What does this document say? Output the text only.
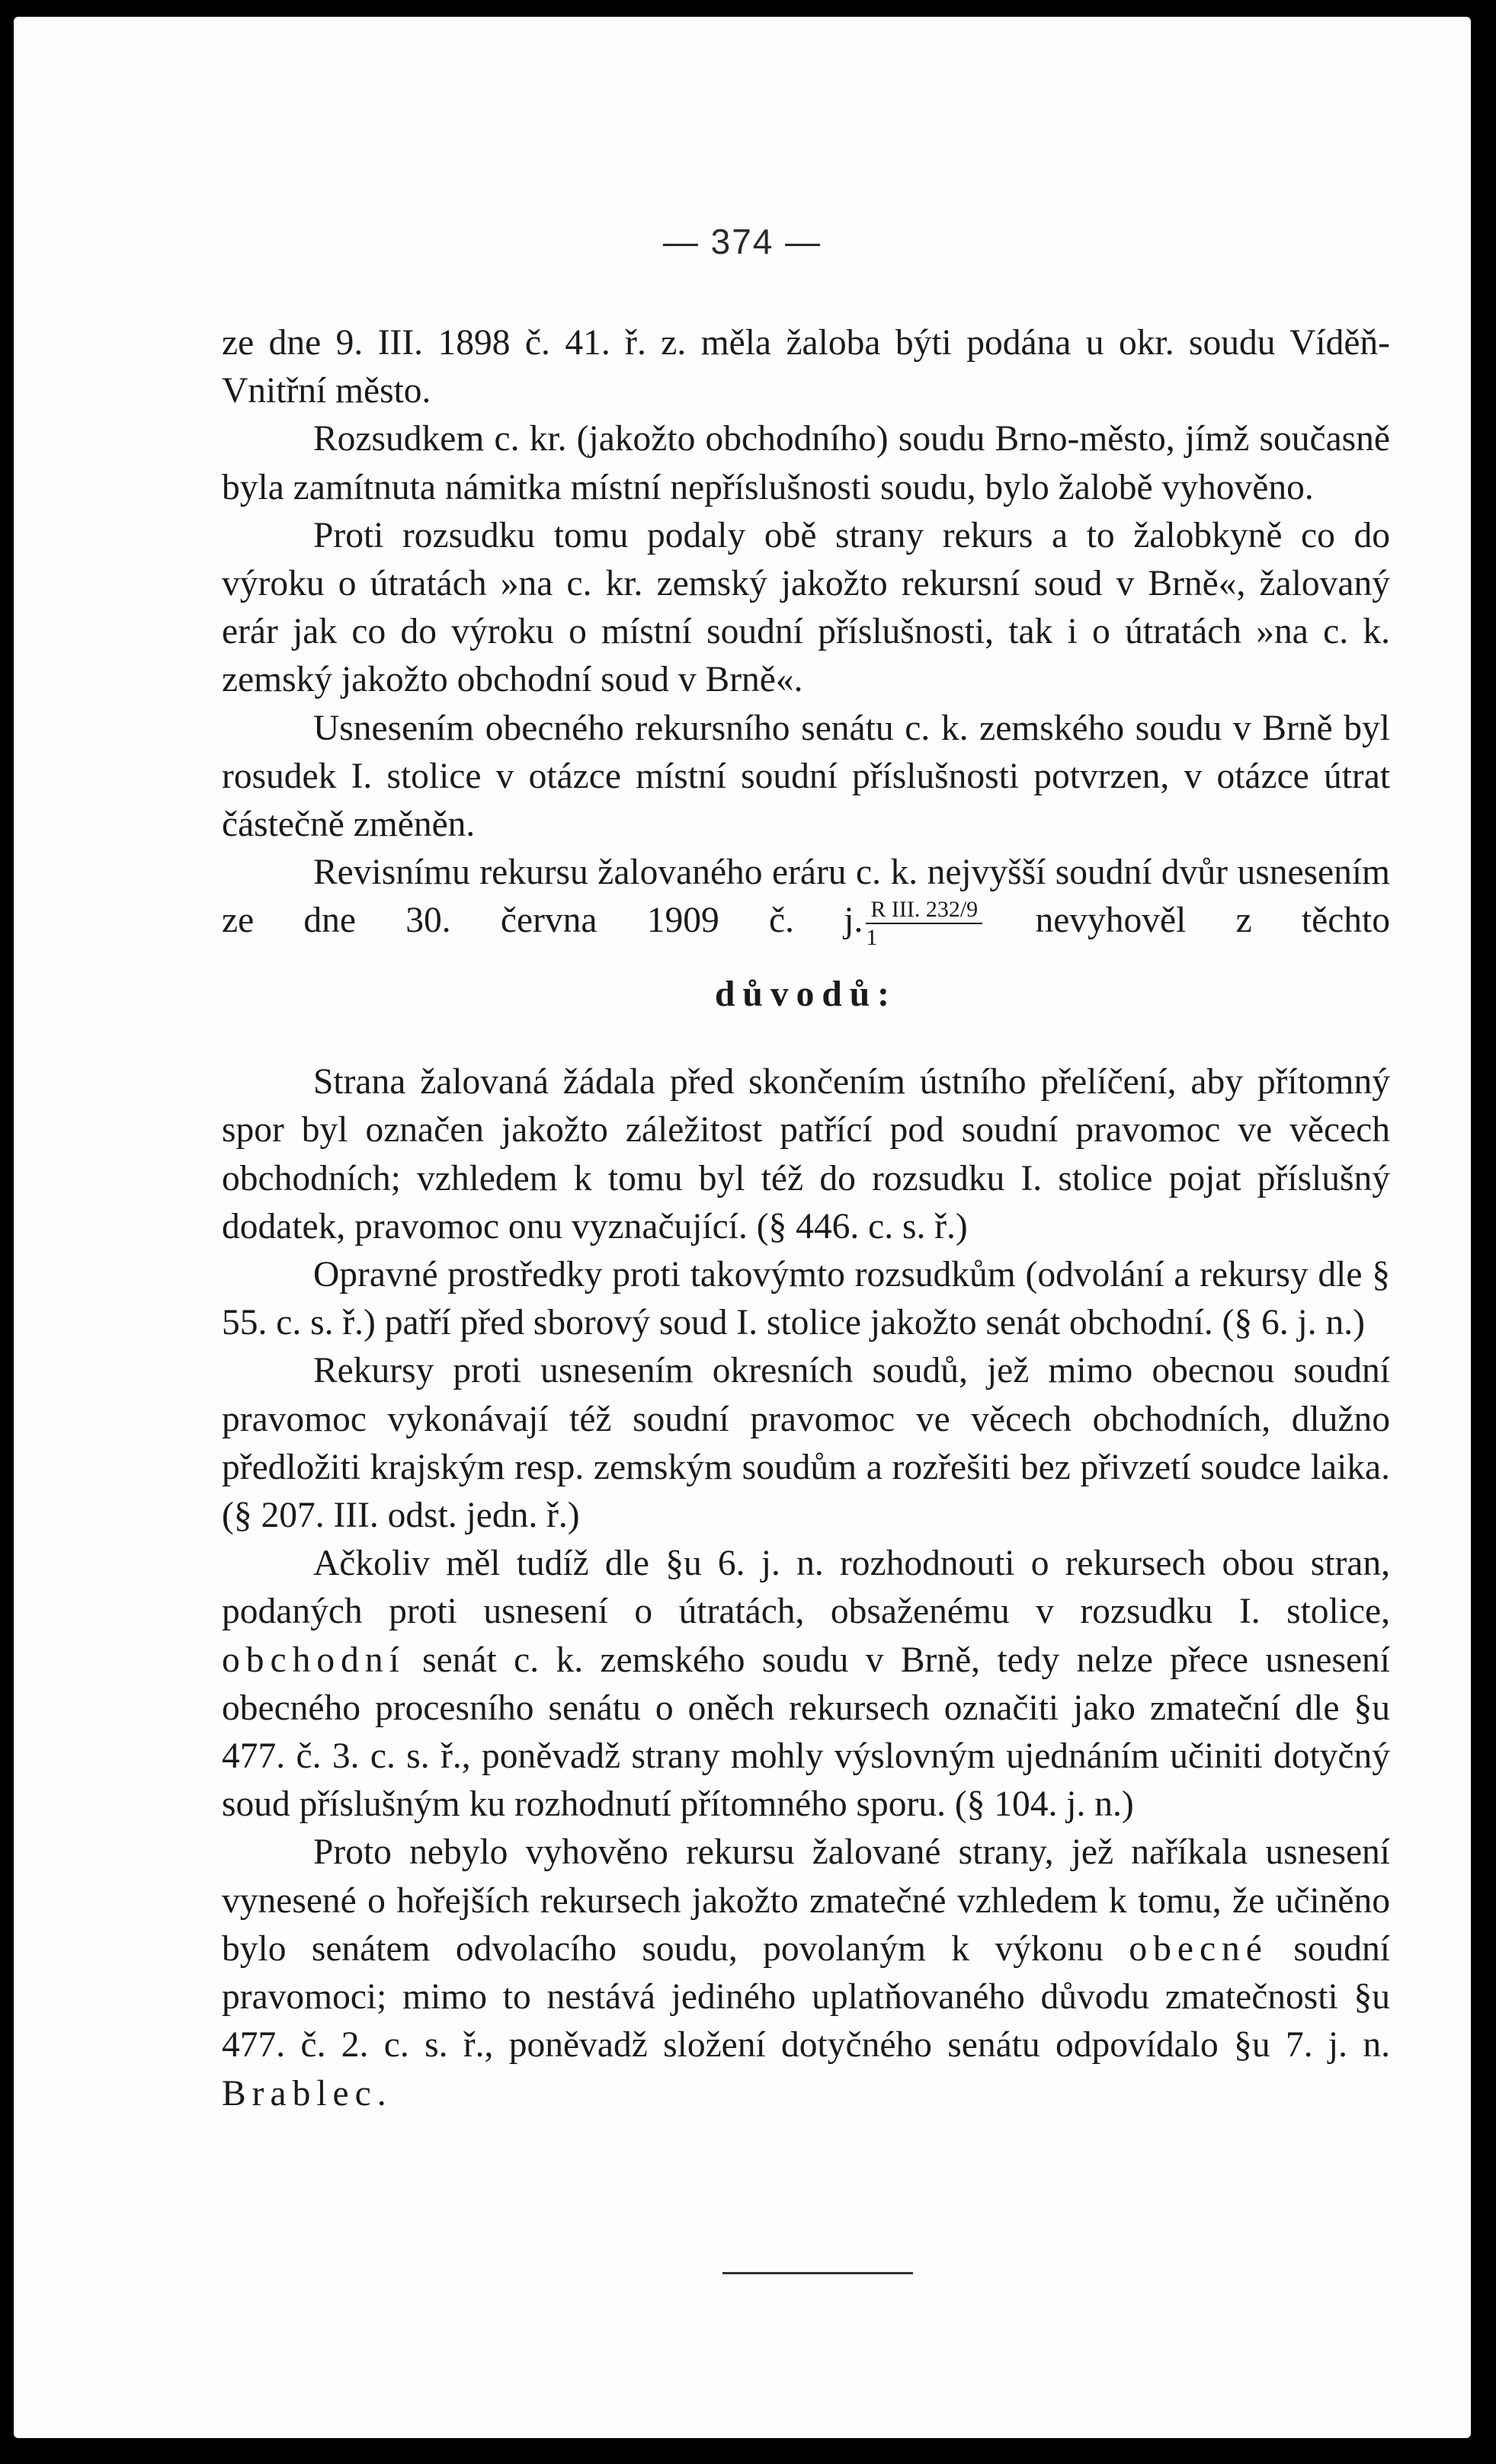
— 374 —

ze dne 9. III. 1898 č. 41. ř. z. měla žaloba býti podána u okr. soudu Víděň-Vnitřní město.

Rozsudkem c. kr. (jakožto obchodního) soudu Brno-město, jímž současně byla zamítnuta námitka místní nepříslušnosti soudu, bylo žalobě vyhověno.

Proti rozsudku tomu podaly obě strany rekurs a to žalobkyně co do výroku o útratách »na c. kr. zemský jakožto rekursní soud v Brně«, žalovaný erár jak co do výroku o místní soudní příslušnosti, tak i o útratách »na c. k. zemský jakožto obchodní soud v Brně«.

Usnesením obecného rekursního senátu c. k. zemského soudu v Brně byl rosudek I. stolice v otázce místní soudní příslušnosti potvrzen, v otázce útrat částečně změněn.

Revisnímu rekursu žalovaného eráru c. k. nejvyšší soudní dvůr usnesením ze dne 30. června 1909 č. j. $\frac{\text{R III. 232/9}}{1}$ nevyhověl z těchto

důvodů:

Strana žalovaná žádala před skončením ústního přelíčení, aby přítomný spor byl označen jakožto záležitost patřící pod soudní pravomoc ve věcech obchodních; vzhledem k tomu byl též do rozsudku I. stolice pojat příslušný dodatek, pravomoc onu vyznačující. (§ 446. c. s. ř.)

Opravné prostředky proti takovýmto rozsudkům (odvolání a rekursy dle § 55. c. s. ř.) patří před sborový soud I. stolice jakožto senát obchodní. (§ 6. j. n.)

Rekursy proti usnesením okresních soudů, jež mimo obecnou soudní pravomoc vykonávají též soudní pravomoc ve věcech obchodních, dlužno předložiti krajským resp. zemským soudům a rozřešiti bez přivzetí soudce laika. (§ 207. III. odst. jedn. ř.)

Ačkoliv měl tudíž dle §u 6. j. n. rozhodnouti o rekursech obou stran, podaných proti usnesení o útratách, obsaženému v rozsudku I. stolice, obchodní senát c. k. zemského soudu v Brně, tedy nelze přece usnesení obecného procesního senátu o oněch rekursech označiti jako zmateční dle §u 477. č. 3. c. s. ř., poněvadž strany mohly výslovným ujednáním učiniti dotyčný soud příslušným ku rozhodnutí přítomného sporu. (§ 104. j. n.)

Proto nebylo vyhověno rekursu žalované strany, jež naříkala usnesení vynesené o hořejších rekursech jakožto zmatečné vzhledem k tomu, že učiněno bylo senátem odvolacího soudu, povolaným k výkonu obecné soudní pravomoci; mimo to nestává jediného uplatňovaného důvodu zmatečnosti §u 477. č. 2. c. s. ř., poněvadž složení dotyčného senátu odpovídalo §u 7. j. n. Brablec.
